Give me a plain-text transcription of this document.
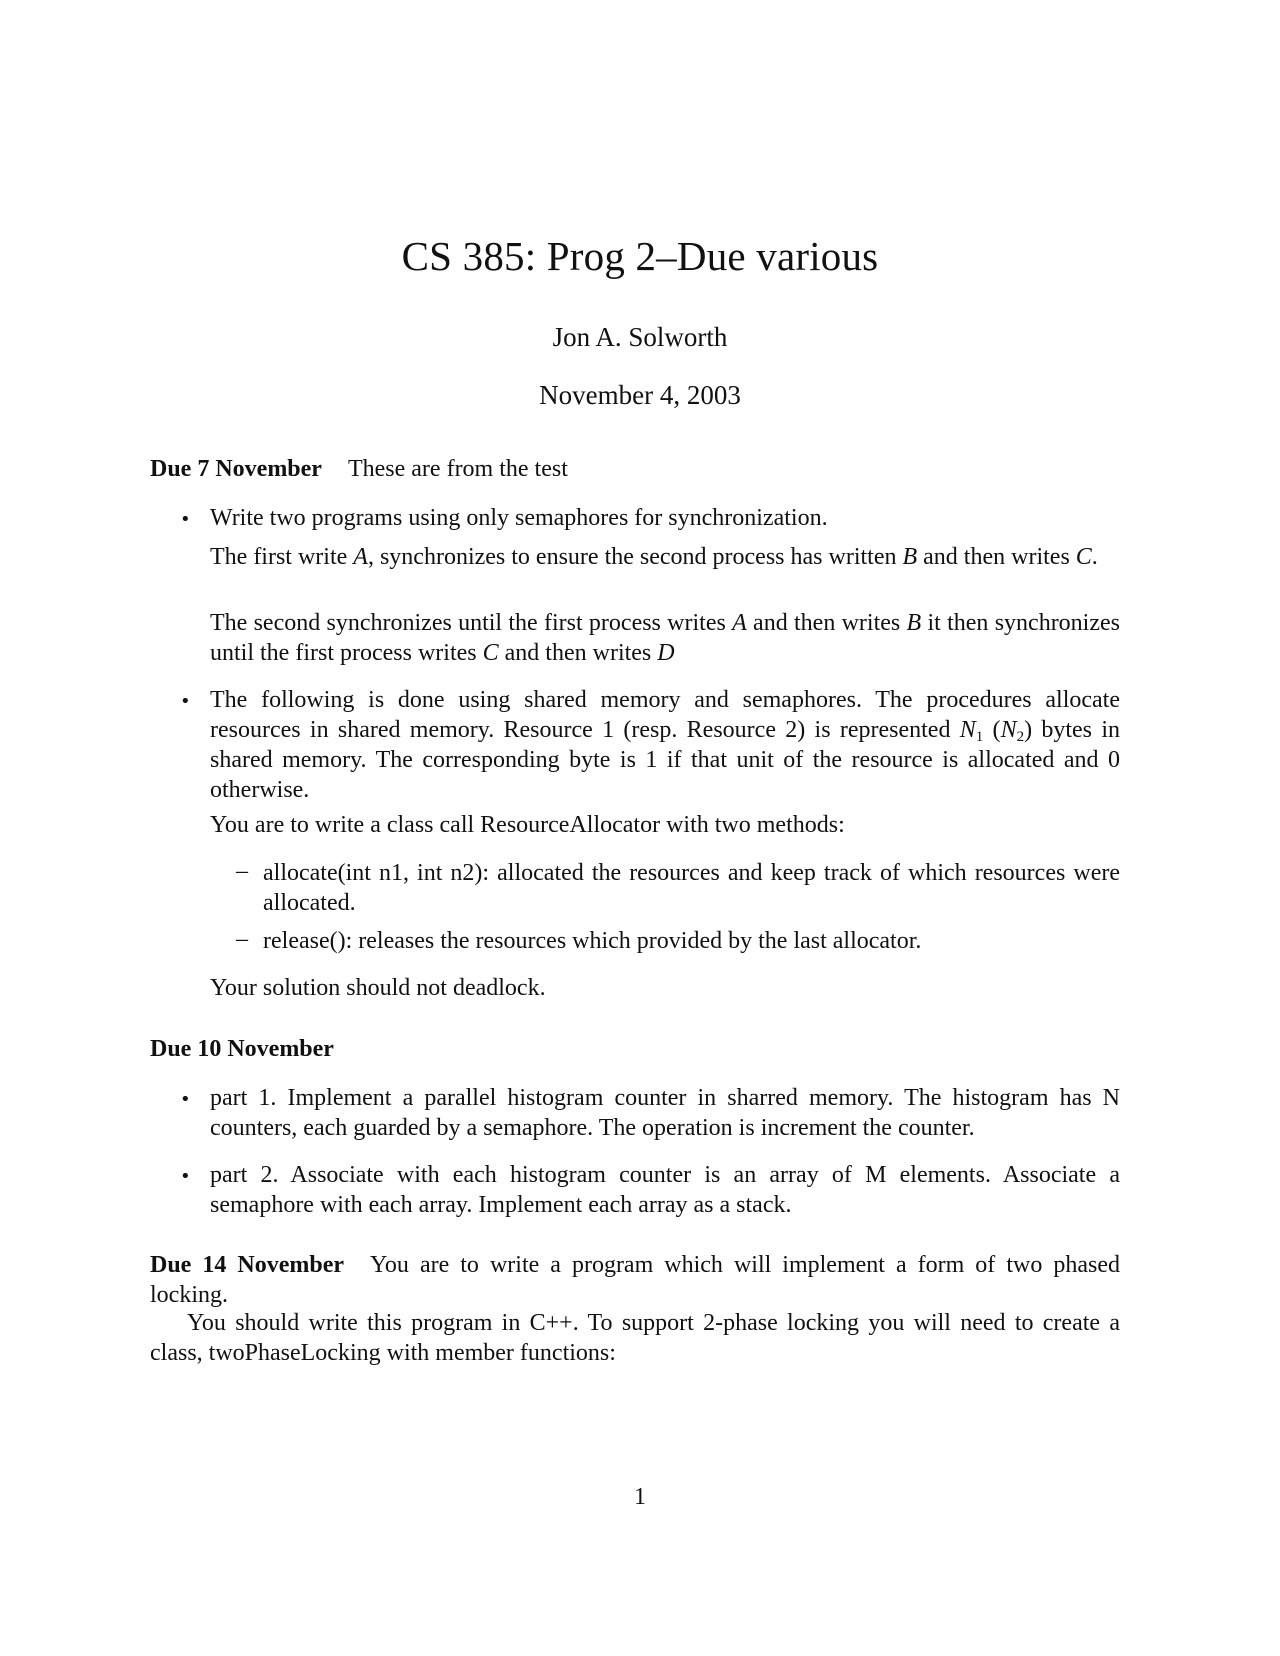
CS 385: Prog 2–Due various
Jon A. Solworth
November 4, 2003
Due 7 November These are from the test
• Write two programs using only semaphores for synchronization.
The first write A, synchronizes to ensure the second process has written B and then writes C.
The second synchronizes until the first process writes A and then writes B it then synchronizes until the first process writes C and then writes D
• The following is done using shared memory and semaphores. The procedures allocate resources in shared memory. Resource 1 (resp. Resource 2) is represented $N_1$ $(N_2)$ bytes in shared memory. The corresponding byte is 1 if that unit of the resource is allocated and 0 otherwise.
You are to write a class call ResourceAllocator with two methods:
– allocate(int n1, int n2): allocated the resources and keep track of which resources were allocated.
– release(): releases the resources which provided by the last allocator.
Your solution should not deadlock.
Due 10 November
• part 1. Implement a parallel histogram counter in sharred memory. The histogram has N counters, each guarded by a semaphore. The operation is increment the counter.
• part 2. Associate with each histogram counter is an array of M elements. Associate a semaphore with each array. Implement each array as a stack.
Due 14 November You are to write a program which will implement a form of two phased locking.
You should write this program in C++. To support 2-phase locking you will need to create a class, twoPhaseLocking with member functions:
1
